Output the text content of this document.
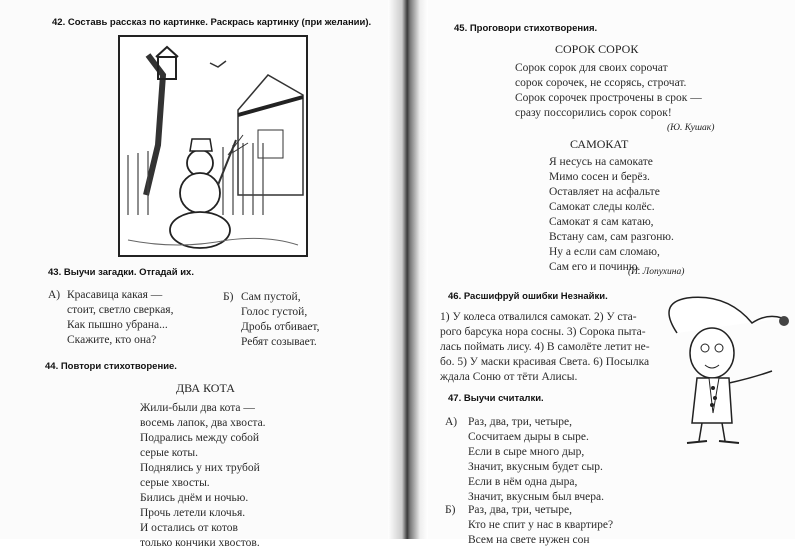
42. Составь рассказ по картинке. Раскрась картинку (при желании).
43. Выучи загадки. Отгадай их.
А) Красавица какая —
стоит, светло сверкая,
Как пышно убрана...
Скажите, кто она?
Б) Сам пустой,
Голос густой,
Дробь отбивает,
Ребят созывает.
44. Повтори стихотворение.
ДВА КОТА
Жили-были два кота —
восемь лапок, два хвоста.
Подрались между собой
серые коты.
Поднялись у них трубой
серые хвосты.
Бились днём и ночью.
Прочь летели клочья.
И остались от котов
только кончики хвостов.
45. Проговори стихотворения.
СОРОК СОРОК
Сорок сорок для своих сорочат
сорок сорочек, не ссорясь, строчат.
Сорок сорочек прострочены в срок —
сразу поссорились сорок сорок!
(Ю. Кушак)
САМОКАТ
Я несусь на самокате
Мимо сосен и берёз.
Оставляет на асфальте
Самокат следы колёс.
Самокат я сам катаю,
Встану сам, сам разгоню.
Ну а если сам сломаю,
Сам его и починю.
(И. Лопухина)
46. Расшифруй ошибки Незнайки.
1) У колеса отвалился самокат. 2) У ста-
рого барсука нора сосны. 3) Сорока пыта-
лась поймать лису. 4) В самолёте летит не-
бо. 5) У маски красивая Света. 6) Посылка
ждала Соню от тёти Алисы.
47. Выучи считалки.
А) Раз, два, три, четыре,
Сосчитаем дыры в сыре.
Если в сыре много дыр,
Значит, вкусным будет сыр.
Если в нём одна дыра,
Значит, вкусным был вчера.
Б) Раз, два, три, четыре,
Кто не спит у нас в квартире?
Всем на свете нужен сон
